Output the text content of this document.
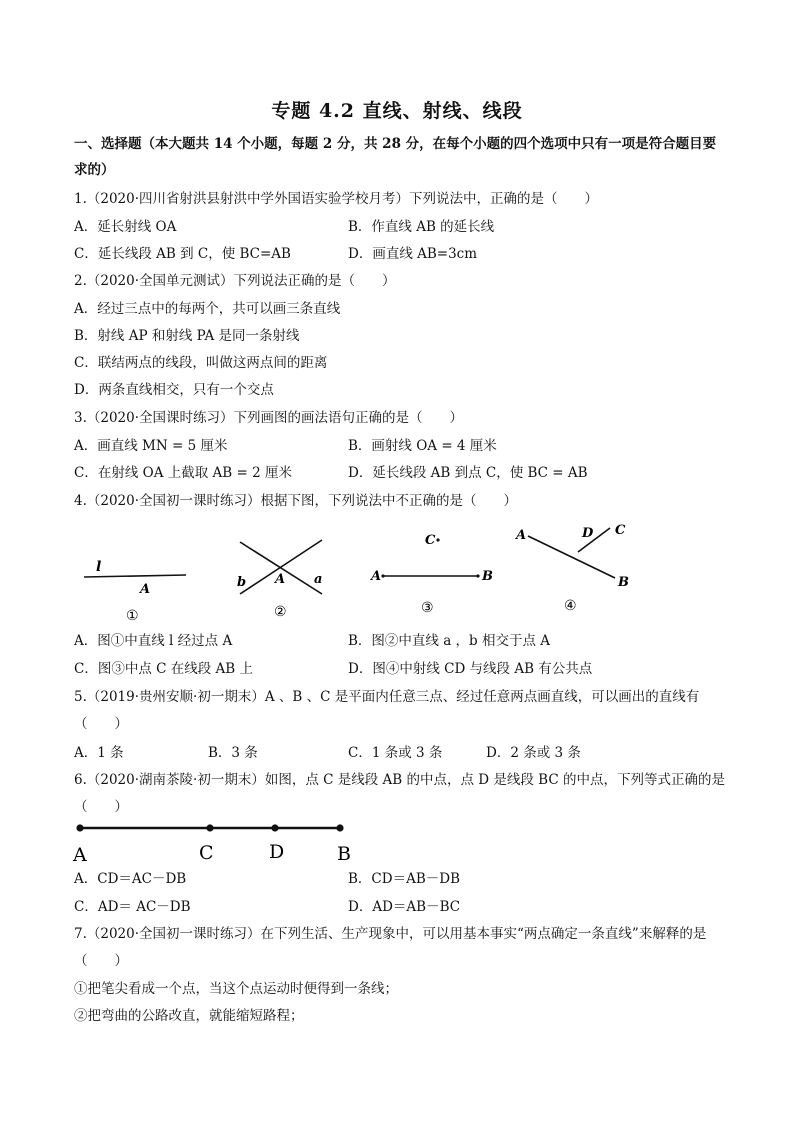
专题 4.2 直线、射线、线段
一、选择题（本大题共 14 个小题，每题 2 分，共 28 分，在每个小题的四个选项中只有一项是符合题目要
求的）
1.（2020·四川省射洪县射洪中学外国语实验学校月考）下列说法中，正确的是（　　）
A．延长射线 OA	B．作直线 AB 的延长线
C．延长线段 AB 到 C，使 BC=AB	D．画直线 AB=3cm
2.（2020·全国单元测试）下列说法正确的是（　　）
A．经过三点中的每两个，共可以画三条直线
B．射线 AP 和射线 PA 是同一条射线
C．联结两点的线段，叫做这两点间的距离
D．两条直线相交，只有一个交点
3.（2020·全国课时练习）下列画图的画法语句正确的是（　　）
A．画直线 MN = 5 厘米	B．画射线 OA = 4 厘米
C．在射线 OA 上截取 AB = 2 厘米	D．延长线段 AB 到点 C，使 BC = AB
4.（2020·全国初一课时练习）根据下图，下列说法中不正确的是（　　）
l
A
①
b A a
②
C
A	B
③
A	D C
B
④
A．图①中直线 l 经过点 A	B．图②中直线 a ，b 相交于点 A
C．图③中点 C 在线段 AB 上	D．图④中射线 CD 与线段 AB 有公共点
5.（2019·贵州安顺·初一期末）A 、B 、C 是平面内任意三点、经过任意两点画直线，可以画出的直线有
（　　）
A．1 条	B．3 条	C．1 条或 3 条	D．2 条或 3 条
6.（2020·湖南茶陵·初一期末）如图，点 C 是线段 AB 的中点，点 D 是线段 BC 的中点，下列等式正确的是
（　　）
A	C	D	B
A．CD＝AC－DB	B．CD＝AB－DB
C．AD＝ AC－DB	D．AD＝AB－BC
7.（2020·全国初一课时练习）在下列生活、生产现象中，可以用基本事实“两点确定一条直线”来解释的是
（　　）
①把笔尖看成一个点，当这个点运动时便得到一条线；
②把弯曲的公路改直，就能缩短路程；
